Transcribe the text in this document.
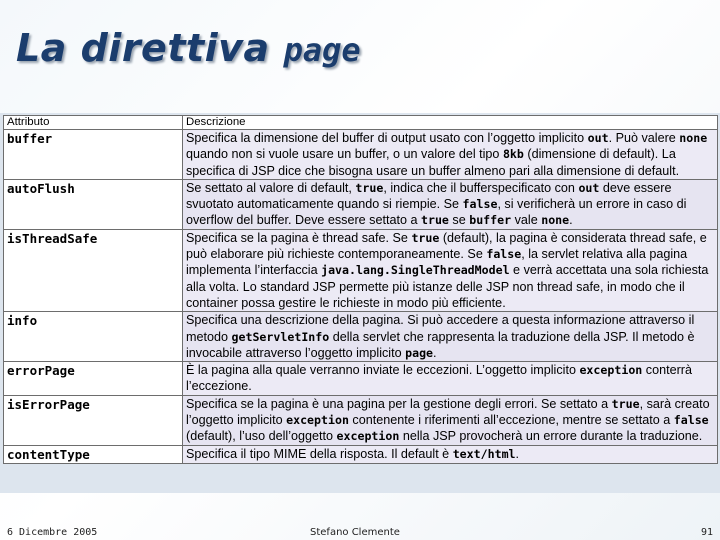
La direttiva page
Attributo	Descrizione
buffer	Specifica la dimensione del buffer di output usato con l’oggetto implicito out. Può valere none quando non si vuole usare un buffer, o un valore del tipo 8kb (dimensione di default). La specifica di JSP dice che bisogna usare un buffer almeno pari alla dimensione di default.
autoFlush	Se settato al valore di default, true, indica che il bufferspecificato con out deve essere svuotato automaticamente quando si riempie. Se false, si verificherà un errore in caso di overflow del buffer. Deve essere settato a true se buffer vale none.
isThreadSafe	Specifica se la pagina è thread safe. Se true (default), la pagina è considerata thread safe, e può elaborare più richieste contemporaneamente. Se false, la servlet relativa alla pagina implementa l’interfaccia java.lang.SingleThreadModel e verrà accettata una sola richiesta alla volta. Lo standard JSP permette più istanze delle JSP non thread safe, in modo che il container possa gestire le richieste in modo più efficiente.
info	Specifica una descrizione della pagina. Si può accedere a questa informazione attraverso il metodo getServletInfo della servlet che rappresenta la traduzione della JSP. Il metodo è invocabile attraverso l’oggetto implicito page.
errorPage	È la pagina alla quale verranno inviate le eccezioni. L’oggetto implicito exception conterrà l’eccezione.
isErrorPage	Specifica se la pagina è una pagina per la gestione degli errori. Se settato a true, sarà creato l’oggetto implicito exception contenente i riferimenti all’eccezione, mentre se settato a false (default), l’uso dell’oggetto exception nella JSP provocherà un errore durante la traduzione.
contentType	Specifica il tipo MIME della risposta. Il default è text/html.
6 Dicembre 2005	Stefano Clemente	91
